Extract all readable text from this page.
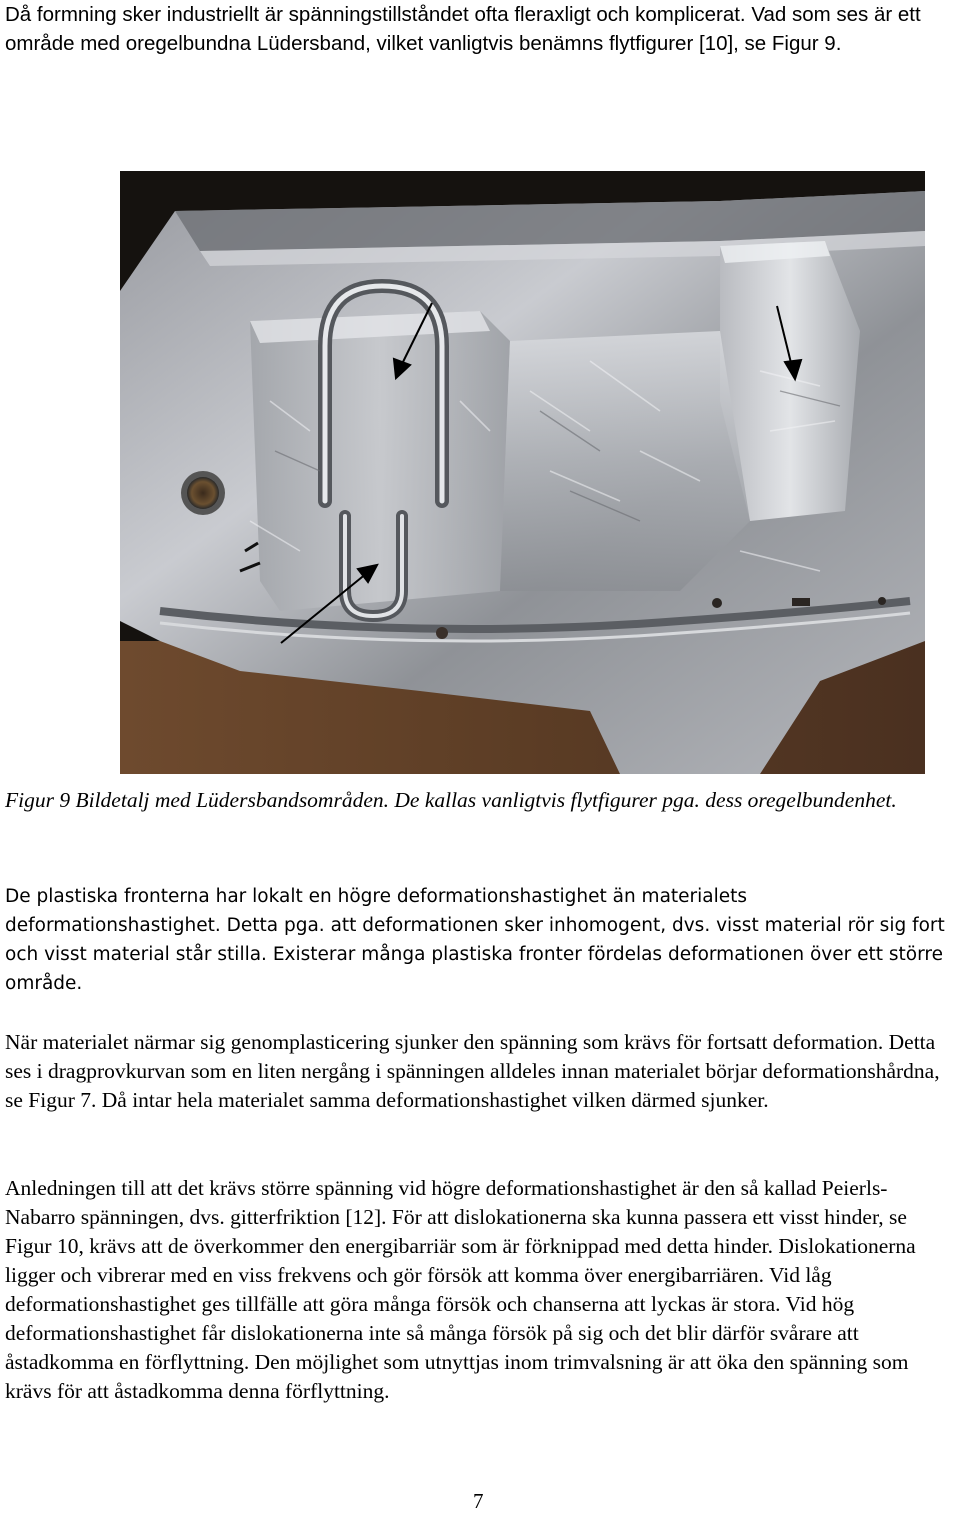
Då formning sker industriellt är spänningstillståndet ofta fleraxligt och komplicerat. Vad som ses är ett område med oregelbundna Lüdersband, vilket vanligtvis benämns flytfigurer [10], se Figur 9.

Figur 9 Bildetalj med Lüdersbandsområden. De kallas vanligtvis flytfigurer pga. dess oregelbundenhet.

De plastiska fronterna har lokalt en högre deformationshastighet än materialets deformationshastighet. Detta pga. att deformationen sker inhomogent, dvs. visst material rör sig fort och visst material står stilla. Existerar många plastiska fronter fördelas deformationen över ett större område.

När materialet närmar sig genomplasticering sjunker den spänning som krävs för fortsatt deformation. Detta ses i dragprovkurvan som en liten nergång i spänningen alldeles innan materialet börjar deformationshårdna, se Figur 7. Då intar hela materialet samma deformationshastighet vilken därmed sjunker.

Anledningen till att det krävs större spänning vid högre deformationshastighet är den så kallad Peierls-Nabarro spänningen, dvs. gitterfriktion [12]. För att dislokationerna ska kunna passera ett visst hinder, se Figur 10, krävs att de överkommer den energibarriär som är förknippad med detta hinder. Dislokationerna ligger och vibrerar med en viss frekvens och gör försök att komma över energibarriären. Vid låg deformationshastighet ges tillfälle att göra många försök och chanserna att lyckas är stora. Vid hög deformationshastighet får dislokationerna inte så många försök på sig och det blir därför svårare att åstadkomma en förflyttning. Den möjlighet som utnyttjas inom trimvalsning är att öka den spänning som krävs för att åstadkomma denna förflyttning.

7
